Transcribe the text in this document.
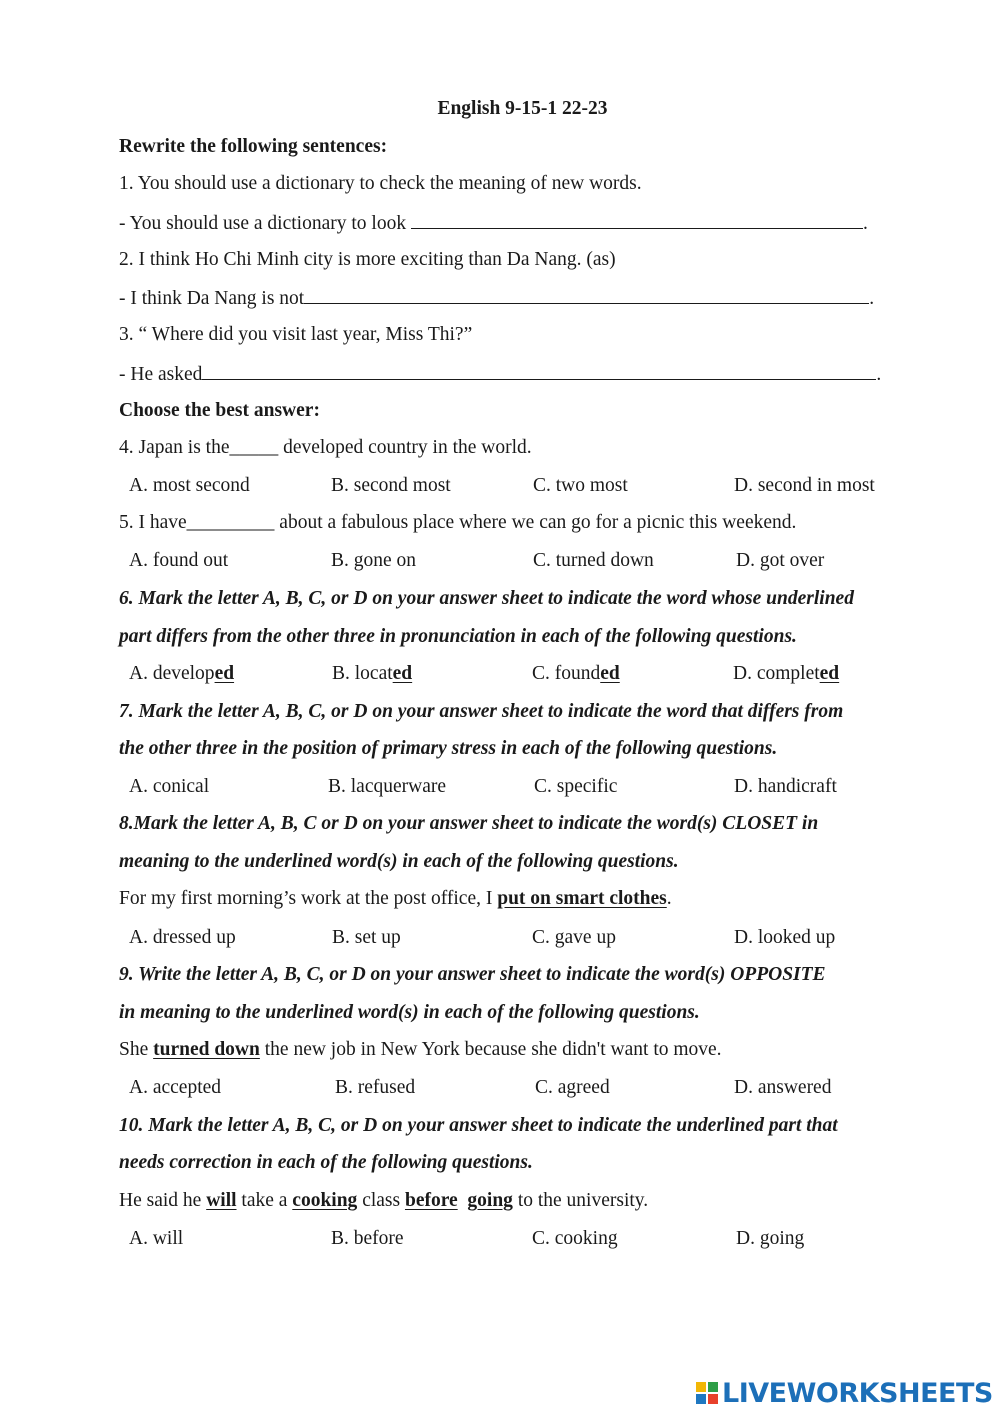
English 9-15-1 22-23
Rewrite the following sentences:
1. You should use a dictionary to check the meaning of new words.
- You should use a dictionary to look	.
2. I think Ho Chi Minh city is more exciting than Da Nang. (as)
- I think Da Nang is not	.
3. “ Where did you visit last year, Miss Thi?”
- He asked	.
Choose the best answer:
4. Japan is the_____ developed country in the world.
A. most second	B. second most	C. two most	D. second in most
5. I have_________ about a fabulous place where we can go for a picnic this weekend.
A. found out	B. gone on	C. turned down	D. got over
6. Mark the letter A, B, C, or D on your answer sheet to indicate the word whose underlined
part differs from the other three in pronunciation in each of the following questions.
A. developed	B. located	C. founded	D. completed
7. Mark the letter A, B, C, or D on your answer sheet to indicate the word that differs from
the other three in the position of primary stress in each of the following questions.
A. conical	B. lacquerware	C. specific	D. handicraft
8.Mark the letter A, B, C or D on your answer sheet to indicate the word(s) CLOSET in
meaning to the underlined word(s) in each of the following questions.
For my first morning’s work at the post office, I put on smart clothes.
A. dressed up	B. set up	C. gave up	D. looked up
9. Write the letter A, B, C, or D on your answer sheet to indicate the word(s) OPPOSITE
in meaning to the underlined word(s) in each of the following questions.
She turned down the new job in New York because she didn't want to move.
A. accepted	B. refused	C. agreed	D. answered
10. Mark the letter A, B, C, or D on your answer sheet to indicate the underlined part that
needs correction in each of the following questions.
He said he will take a cooking class before going to the university.
A. will	B. before	C. cooking	D. going
LIVEWORKSHEETS
